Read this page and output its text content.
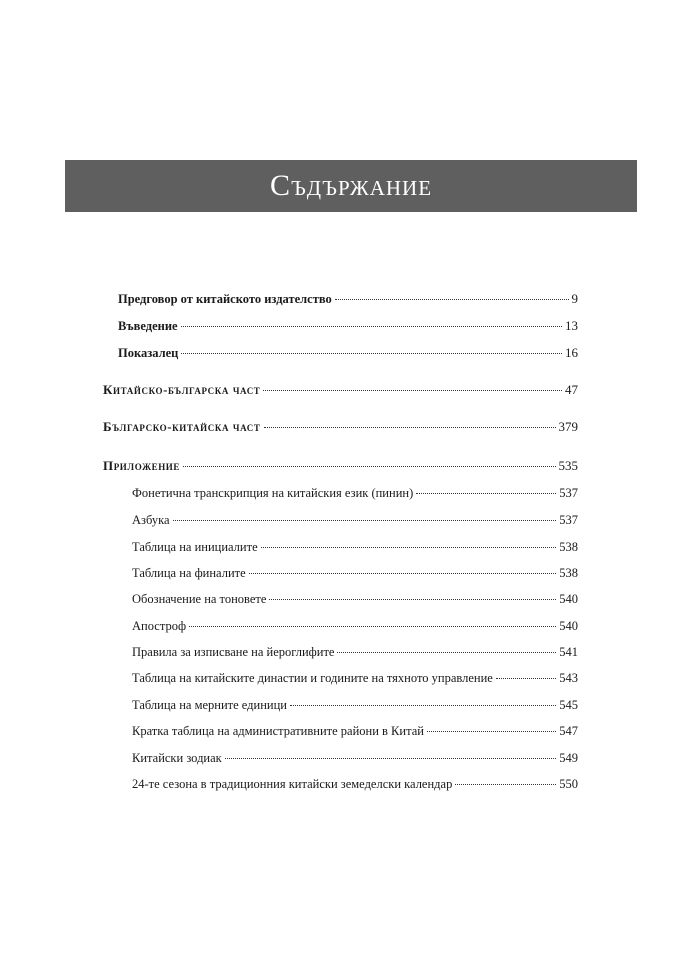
Съдържание
Предговор от китайското издателство	9
Въведение	13
Показалец	16
Китайско-българска част	47
Българско-китайска част	379
Приложение	535
Фонетична транскрипция на китайския език (пинин)	537
Азбука	537
Таблица на инициалите	538
Таблица на финалите	538
Обозначение на тоновете	540
Апостроф	540
Правила за изписване на йероглифите	541
Таблица на китайските династии и годините на тяхното управление	543
Таблица на мерните единици	545
Кратка таблица на административните райони в Китай	547
Китайски зодиак	549
24-те сезона в традиционния китайски земеделски календар	550
